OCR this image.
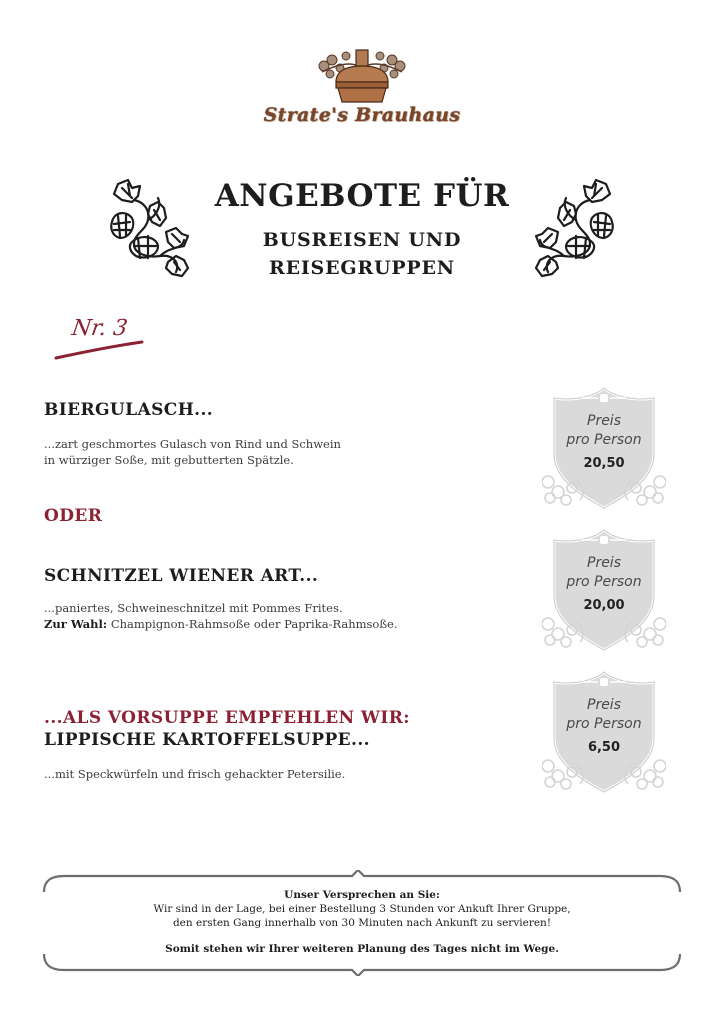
Strate's Brauhaus
ANGEBOTE FÜR
BUSREISEN UND
REISEGRUPPEN
Nr. 3
BIERGULASCH...
...zart geschmortes Gulasch von Rind und Schwein
in würziger Soße, mit gebutterten Spätzle.
Preis
pro Person
20,50
ODER
SCHNITZEL WIENER ART...
...paniertes, Schweineschnitzel mit Pommes Frites.
Zur Wahl: Champignon-Rahmsoße oder Paprika-Rahmsoße.
Preis
pro Person
20,00
...ALS VORSUPPE EMPFEHLEN WIR:
LIPPISCHE KARTOFFELSUPPE...
...mit Speckwürfeln und frisch gehackter Petersilie.
Preis
pro Person
6,50
Unser Versprechen an Sie:
Wir sind in der Lage, bei einer Bestellung 3 Stunden vor Ankuft Ihrer Gruppe,
den ersten Gang innerhalb von 30 Minuten nach Ankunft zu servieren!
Somit stehen wir Ihrer weiteren Planung des Tages nicht im Wege.
